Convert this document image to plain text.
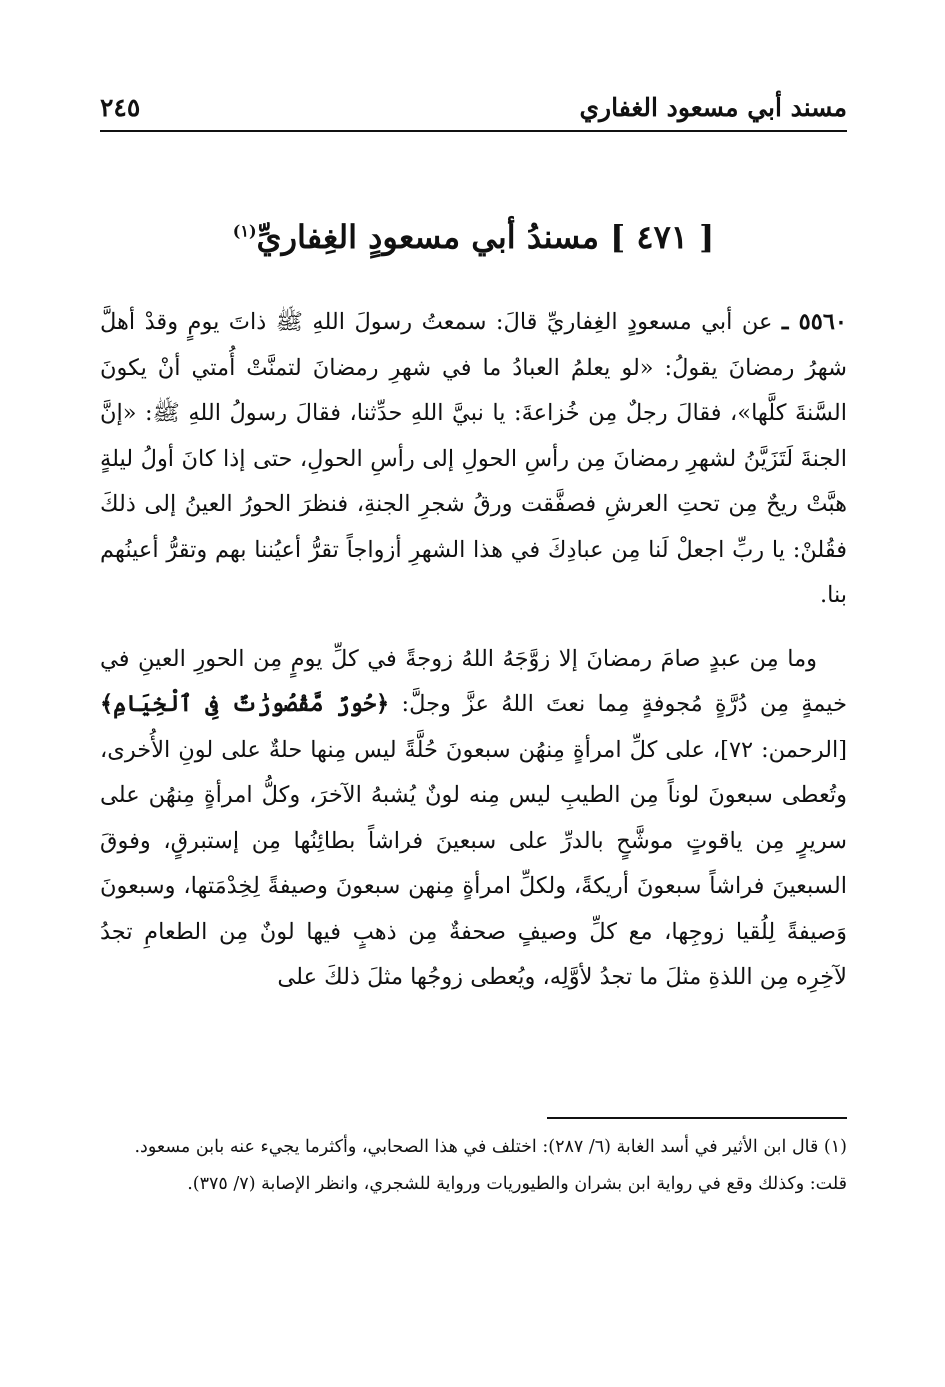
مسند أبي مسعود الغفاري
٢٤٥
[ ٤٧١ ] مسندُ أبي مسعودٍ الغِفاريِّ$^{(١)}$

٥٥٦٠ ـ عن أبي مسعودٍ الغِفاريِّ قالَ: سمعتُ رسولَ اللهِ ﷺ ذاتَ يومٍ وقدْ أهلَّ شهرُ رمضانَ يقولُ: «لو يعلمُ العبادُ ما في شهرِ رمضانَ لتمنَّتْ أُمتي أنْ يكونَ السَّنةَ كلَّها»، فقالَ رجلٌ مِن خُزاعةَ: يا نبيَّ اللهِ حدِّثنا، فقالَ رسولُ اللهِ ﷺ: «إنَّ الجنةَ لَتَزَيَّنُ لشهرِ رمضانَ مِن رأسِ الحولِ إلى رأسِ الحولِ، حتى إذا كانَ أولُ ليلةٍ هبَّتْ ريحٌ مِن تحتِ العرشِ فصفَّقت ورقُ شجرِ الجنةِ، فنظرَ الحورُ العينُ إلى ذلكَ فقُلنْ: يا ربِّ اجعلْ لَنا مِن عبادِكَ في هذا الشهرِ أزواجاً تقرُّ أعيُننا بهم وتقرُّ أعينُهم بنا.

وما مِن عبدٍ صامَ رمضانَ إلا زوَّجَهُ اللهُ زوجةً في كلِّ يومٍ مِن الحورِ العينِ في خيمةٍ مِن دُرَّةٍ مُجوفةٍ مِما نعتَ اللهُ عزَّ وجلَّ: ﴿حُورٌ مَّقْصُورَٰتٌ فِى ٱلْخِيَامِ﴾ [الرحمن: ٧٢]، على كلِّ امرأةٍ مِنهُن سبعونَ حُلَّةً ليس مِنها حلةٌ على لونِ الأُخرى، وتُعطى سبعونَ لوناً مِن الطيبِ ليس مِنه لونٌ يُشبهُ الآخرَ، وكلُّ امرأةٍ مِنهُن على سريرٍ مِن ياقوتٍ موشَّحٍ بالدرِّ على سبعينَ فراشاً بطائِنُها مِن إستبرقٍ، وفوقَ السبعينَ فراشاً سبعونَ أريكةً، ولكلِّ امرأةٍ مِنهن سبعونَ وصيفةً لِخِدْمَتها، وسبعونَ وَصيفةً لِلُقيا زوجِها، مع كلِّ وصيفٍ صحفةٌ مِن ذهبٍ فيها لونٌ مِن الطعامِ تجدُ لآخِرِه مِن اللذةِ مثلَ ما تجدُ لأوَّلِه، ويُعطى زوجُها مثلَ ذلكَ على

(١) قال ابن الأثير في أسد الغابة (٦/ ٢٨٧): اختلف في هذا الصحابي، وأكثرما يجيء عنه بابن مسعود.

قلت: وكذلك وقع في رواية ابن بشران والطيوريات ورواية للشجري، وانظر الإصابة (٧/ ٣٧٥).
